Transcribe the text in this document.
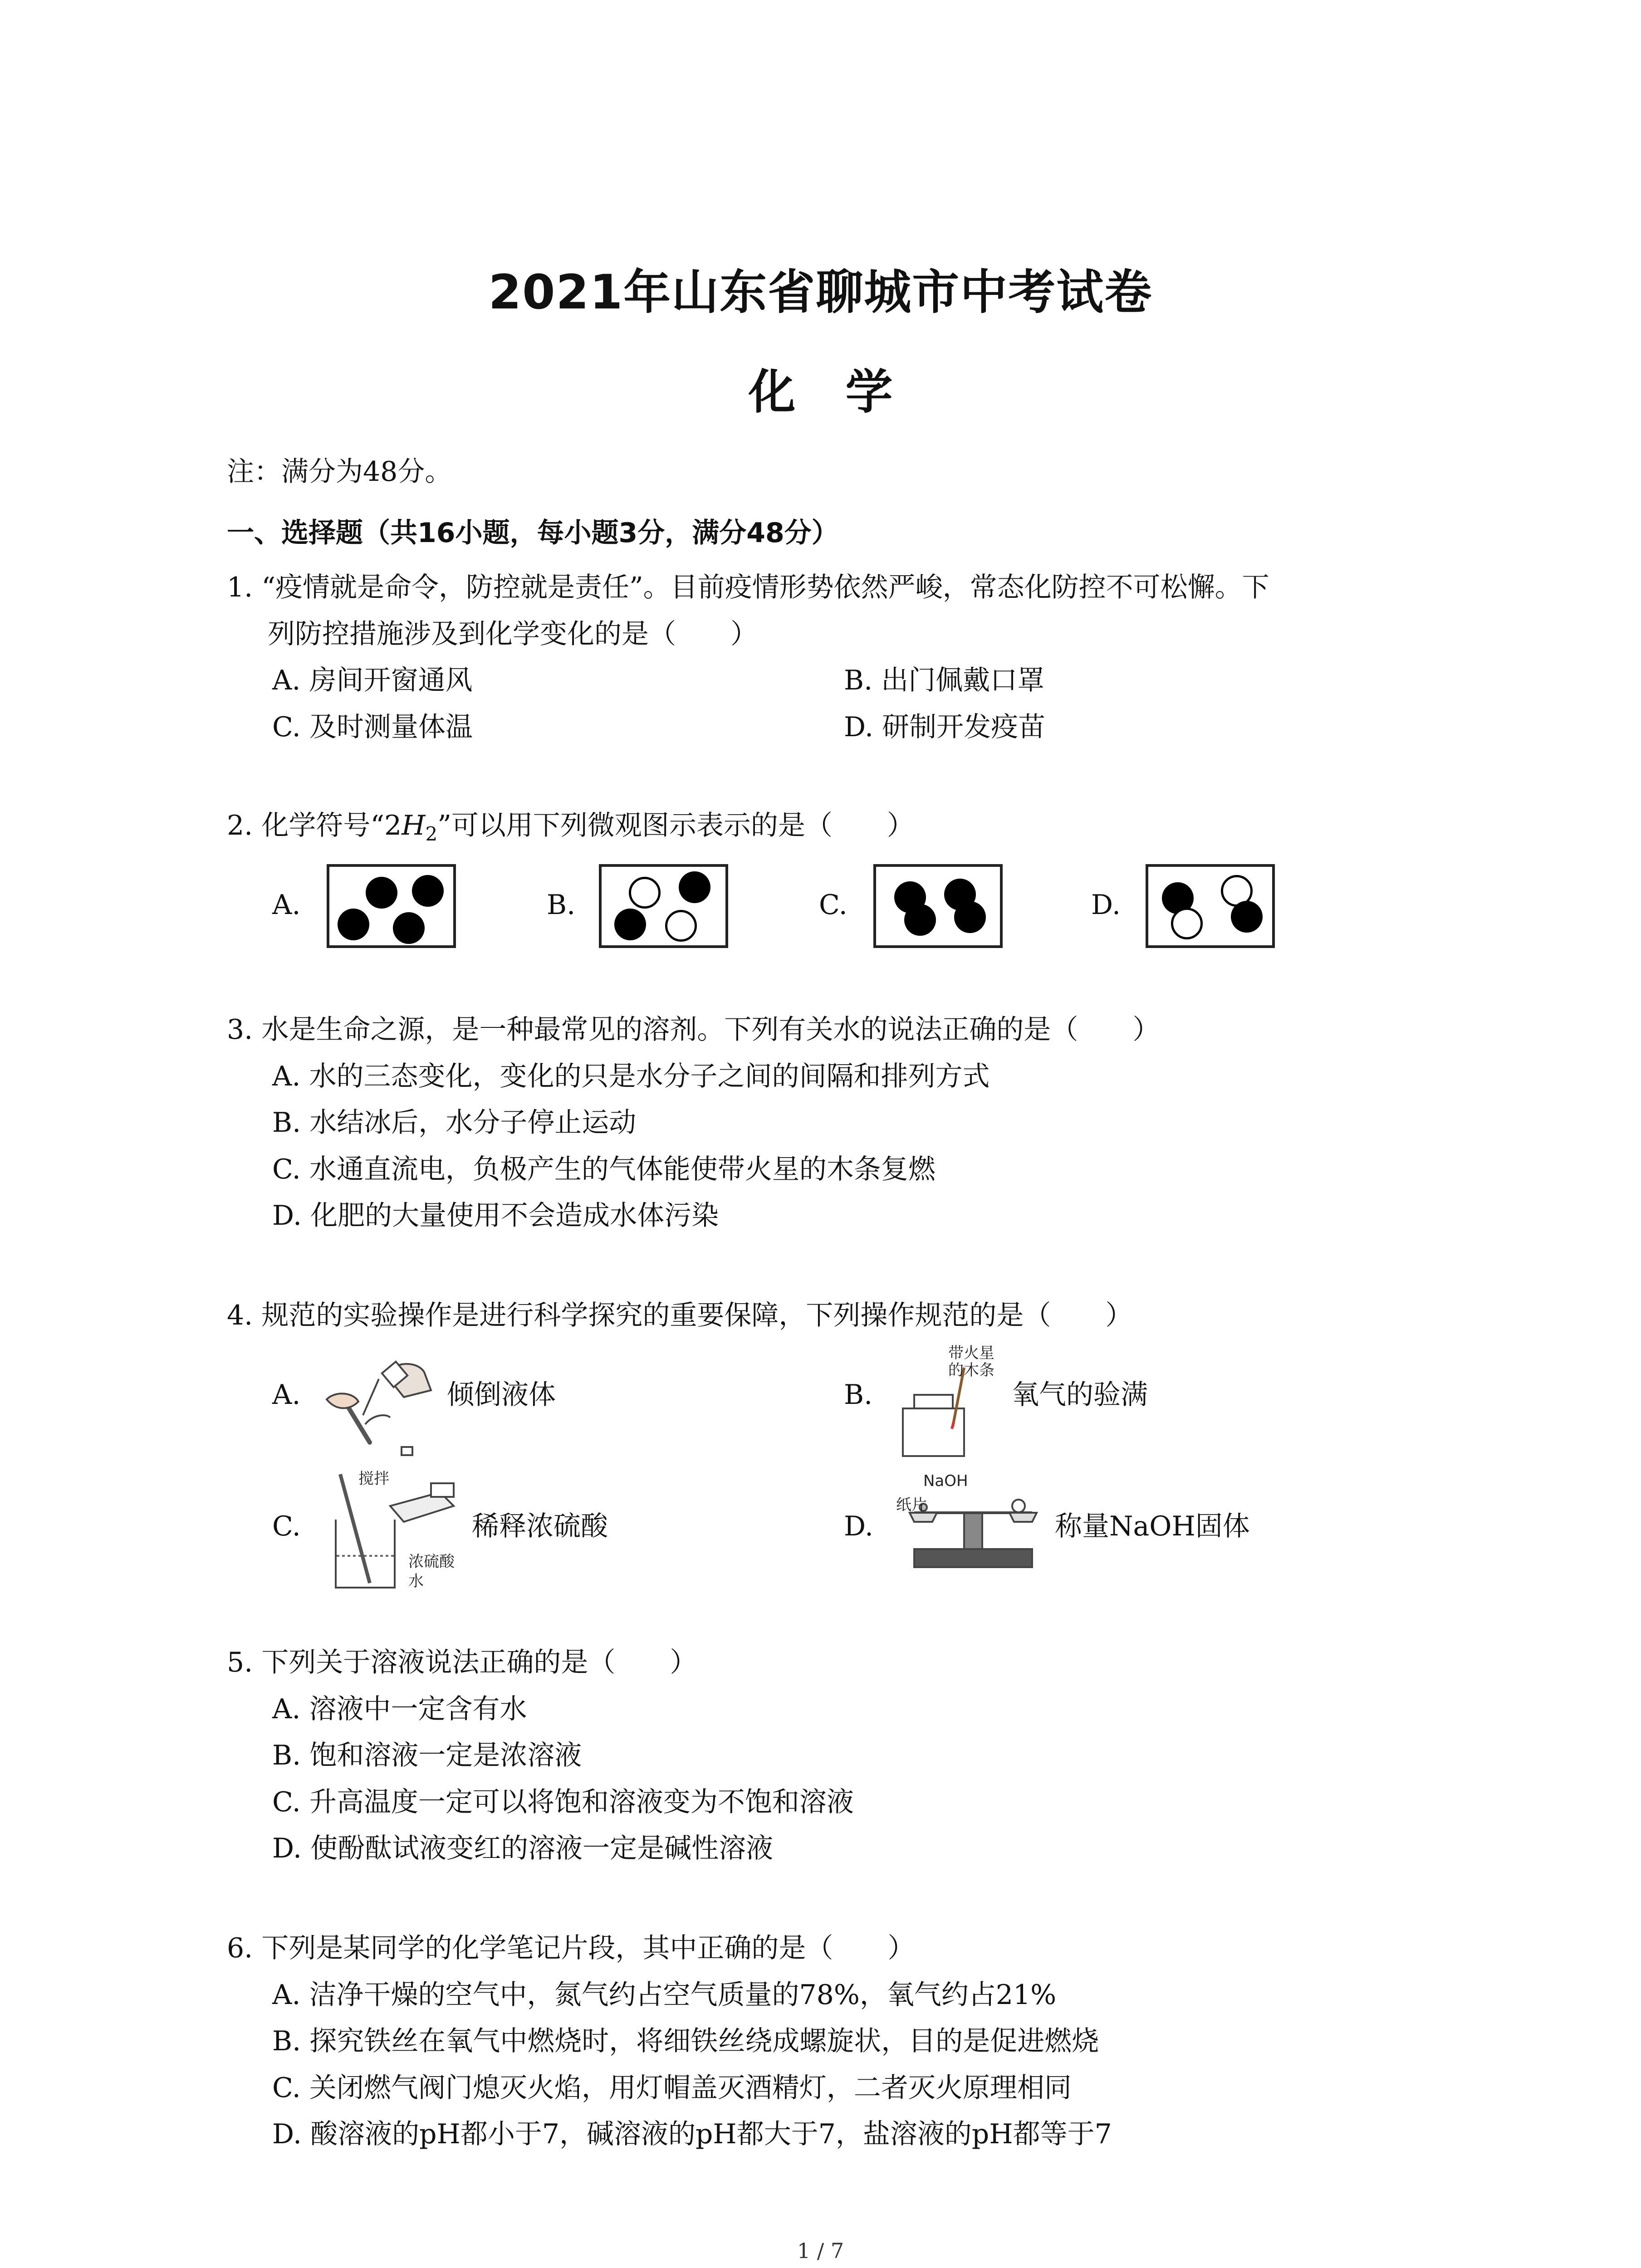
2021年山东省聊城市中考试卷
化学
注：满分为48分。
一、选择题（共16小题，每小题3分，满分48分）
1. “疫情就是命令，防控就是责任”。目前疫情形势依然严峻，常态化防控不可松懈。下
列防控措施涉及到化学变化的是（　　）
A. 房间开窗通风	B. 出门佩戴口罩
C. 及时测量体温	D. 研制开发疫苗
2. 化学符号“$2H_2$”可以用下列微观图示表示的是（　　）
A.	B.	C.	D.
3. 水是生命之源，是一种最常见的溶剂。下列有关水的说法正确的是（　　）
A. 水的三态变化，变化的只是水分子之间的间隔和排列方式
B. 水结冰后，水分子停止运动
C. 水通直流电，负极产生的气体能使带火星的木条复燃
D. 化肥的大量使用不会造成水体污染
4. 规范的实验操作是进行科学探究的重要保障，下列操作规范的是（　　）
A.	倾倒液体	B.
带火星
的木条
氧气的验满
C.
搅拌
浓硫酸
水
稀释浓硫酸	D.
NaOH
纸片
称量NaOH固体
5. 下列关于溶液说法正确的是（　　）
A. 溶液中一定含有水
B. 饱和溶液一定是浓溶液
C. 升高温度一定可以将饱和溶液变为不饱和溶液
D. 使酚酞试液变红的溶液一定是碱性溶液
6. 下列是某同学的化学笔记片段，其中正确的是（　　）
A. 洁净干燥的空气中，氮气约占空气质量的78%，氧气约占21%
B. 探究铁丝在氧气中燃烧时，将细铁丝绕成螺旋状，目的是促进燃烧
C. 关闭燃气阀门熄灭火焰，用灯帽盖灭酒精灯，二者灭火原理相同
D. 酸溶液的pH都小于7，碱溶液的pH都大于7，盐溶液的pH都等于7
1 / 7
